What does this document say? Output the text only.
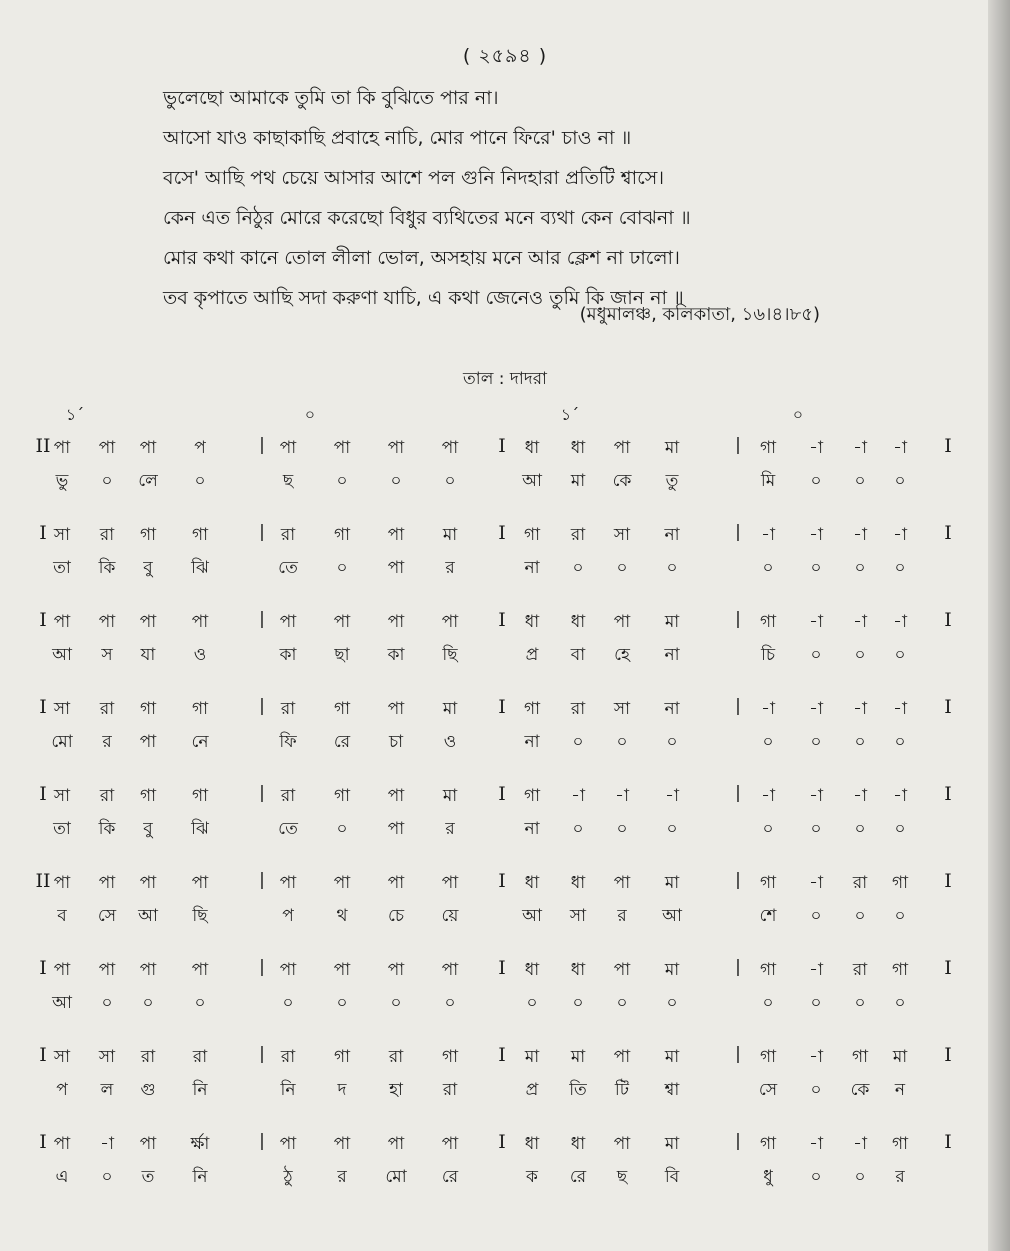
( ২৫৯৪ )
ভুলেছো আমাকে তুমি তা কি বুঝিতে পার না।
আসো যাও কাছাকাছি প্রবাহে নাচি, মোর পানে ফিরে' চাও না ॥
বসে' আছি পথ চেয়ে আসার আশে পল গুনি নিদহারা প্রতিটি শ্বাসে।
কেন এত নিঠুর মোরে করেছো বিধুর ব্যথিতের মনে ব্যথা কেন বোঝনা ॥
মোর কথা কানে তোল লীলা ভোল, অসহায় মনে আর ক্লেশ না ঢালো।
তব কৃপাতে আছি সদা করুণা যাচি, এ কথা জেনেও তুমি কি জান না ॥
(মধুমালঞ্চ, কলিকাতা, ১৬।৪।৮৫)
তাল : দাদরা
১´	০	১´	০
II পা	পা	পা	প	| পা	পা	পা	পা	I	ধা	ধা	পা	মা	|	গা	-া	-া	-া	I
ভু	০	লে	০	ছ	০	০	০	আ	মা	কে	তু	মি	০	০	০
I সা	রা	গা	গা	| রা	গা	পা	মা	I	গা	রা	সা	না	|	-া	-া	-া	-া	I
তা	কি	বু	ঝি	তে	০	পা	র	না	০	০	০	০	০	০	০
I পা	পা	পা	পা	| পা	পা	পা	পা	I	ধা	ধা	পা	মা	|	গা	-া	-া	-া	I
আ	স	যা	ও	কা	ছা	কা	ছি	প্র	বা	হে	না	চি	০	০	০
I সা	রা	গা	গা	| রা	গা	পা	মা	I	গা	রা	সা	না	|	-া	-া	-া	-া	I
মো	র	পা	নে	ফি	রে	চা	ও	না	০	০	০	০	০	০	০
I সা	রা	গা	গা	| রা	গা	পা	মা	I	গা	-া	-া	-া	|	-া	-া	-া	-া	I
তা	কি	বু	ঝি	তে	০	পা	র	না	০	০	০	০	০	০	০
II পা	পা	পা	পা	| পা	পা	পা	পা	I	ধা	ধা	পা	মা	|	গা	-া	রা	গা	I
ব	সে	আ	ছি	প	থ	চে	য়ে	আ	সা	র	আ	শে	০	০	০
I পা	পা	পা	পা	| পা	পা	পা	পা	I	ধা	ধা	পা	মা	|	গা	-া	রা	গা	I
আ	০	০	০	০	০	০	০	০	০	০	০	০	০	০	০
I সা	সা	রা	রা	| রা	গা	রা	গা	I	মা	মা	পা	মা	|	গা	-া	গা	মা	I
প	ল	গু	নি	নি	দ	হা	রা	প্র	তি	টি	শ্বা	সে	০	কে	ন
I পা	-া	পা	র্ক্ষা	| পা	পা	পা	পা	I	ধা	ধা	পা	মা	|	গা	-া	-া	গা	I
এ	০	ত	নি	ঠু	র	মো	রে	ক	রে	ছ	বি	ধু	০	০	র
